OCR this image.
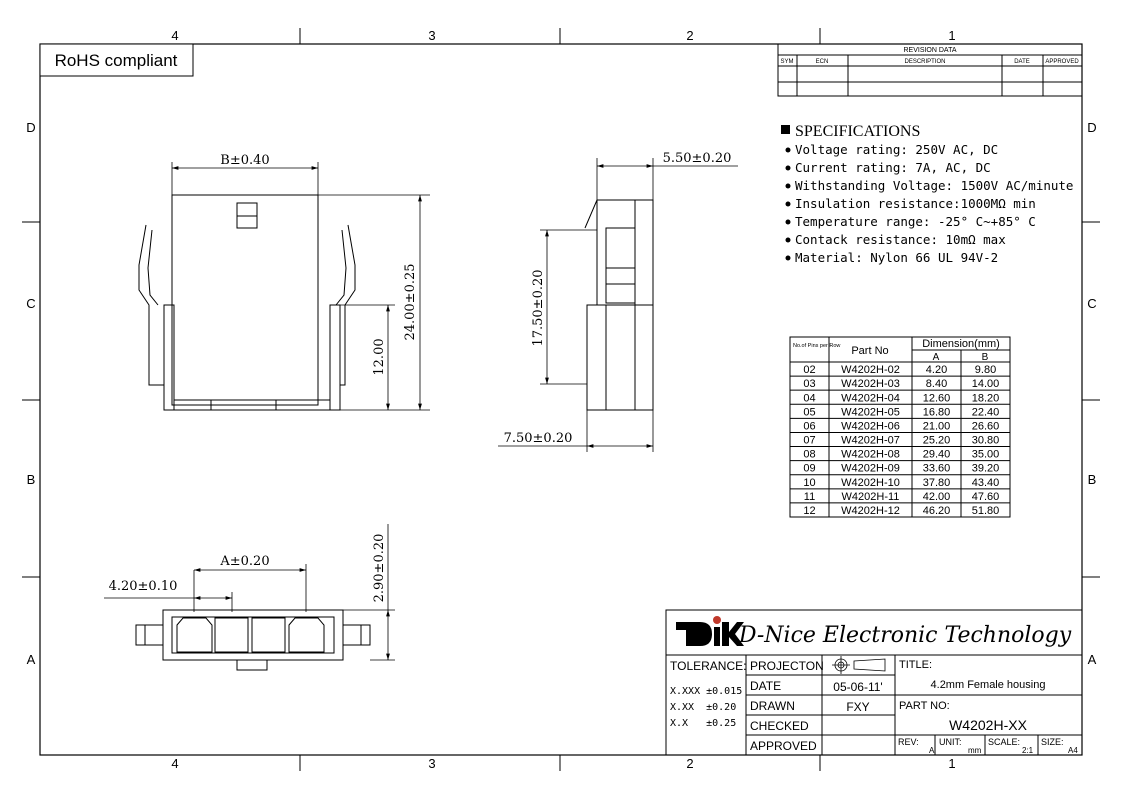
4	3	2	1
4	3	2	1
D
C
B
A
D
C
B
A
RoHS compliant
REVISION DATA
SYM	ECN	DESCRIPTION	DATE	APPROVED
SPECIFICATIONS
Voltage rating: 250V AC, DC
Current rating: 7A, AC, DC
Withstanding Voltage: 1500V AC/minute
Insulation resistance:1000MΩ min
Temperature range: -25° C~+85° C
Contack resistance: 10mΩ max
Material: Nylon 66 UL 94V-2
B±0.40
24.00±0.25
12.00
5.50±0.20
17.50±0.20
7.50±0.20
A±0.20
4.20±0.10	2.90±0.20
No.of Pins per Row Part No
Dimension(mm)
A	B
02 W4202H-02 4.20	9.80
03 W4202H-03 8.40 14.00
04 W4202H-04 12.60 18.20
05 W4202H-05 16.80 22.40
06 W4202H-06 21.00 26.60
07 W4202H-07 25.20 30.80
08 W4202H-08 29.40 35.00
09 W4202H-09 33.60 39.20
10 W4202H-10 37.80 43.40
11 W4202H-11 42.00 47.60
12 W4202H-12 46.20 51.80
D-Nice Electronic Technology
TOLERANCE:
X.XXX ±0.015
X.XX  ±0.20
X.X   ±0.25
PROJECTON
DATE	05-06-11'
DRAWN	FXY
CHECKED
APPROVED
TITLE:
4.2mm Female housing
PART NO:
W4202H-XX
REV:
A
UNIT:
mm
SCALE:
2:1
SIZE:
A4
